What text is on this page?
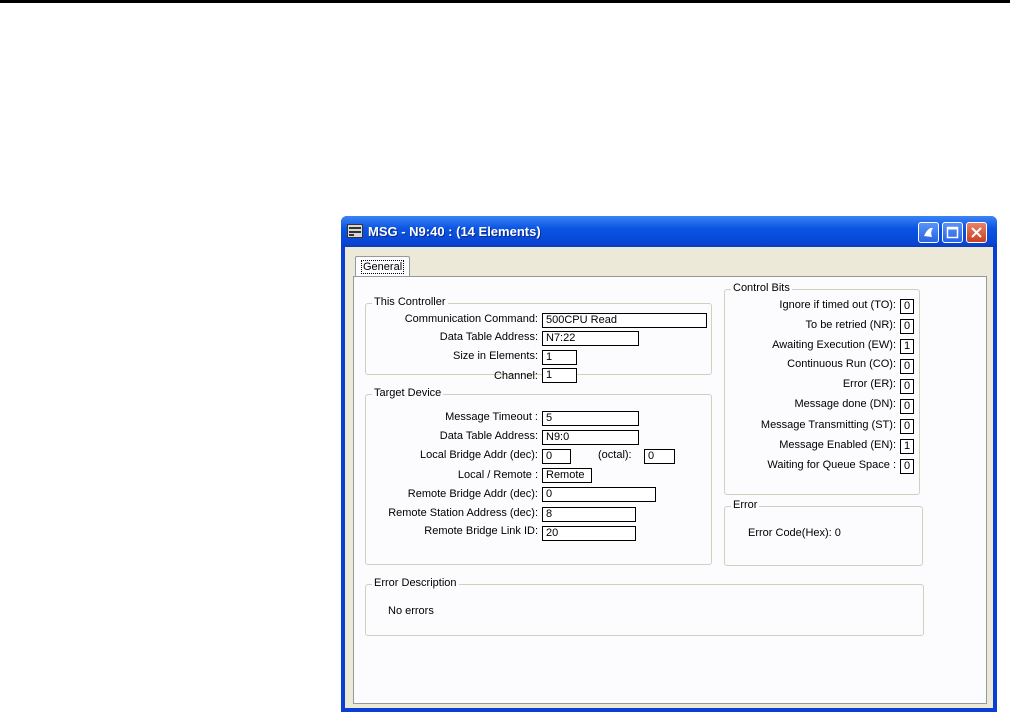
MSG - N9:40 : (14 Elements)
General
This Controller
Communication Command: 500CPU Read
Data Table Address: N7:22
Size in Elements: 1
Channel: 1
Target Device
Message Timeout : 5
Data Table Address: N9:0
Local Bridge Addr (dec): 0	(octal):	0
Local / Remote : Remote
Remote Bridge Addr (dec): 0
Remote Station Address (dec): 8
Remote Bridge Link ID: 20
Control Bits
Ignore if timed out (TO): 0
To be retried (NR): 0
Awaiting Execution (EW): 1
Continuous Run (CO): 0
Error (ER): 0
Message done (DN): 0
Message Transmitting (ST): 0
Message Enabled (EN): 1
Waiting for Queue Space : 0
Error
Error Code(Hex): 0
Error Description
No errors
